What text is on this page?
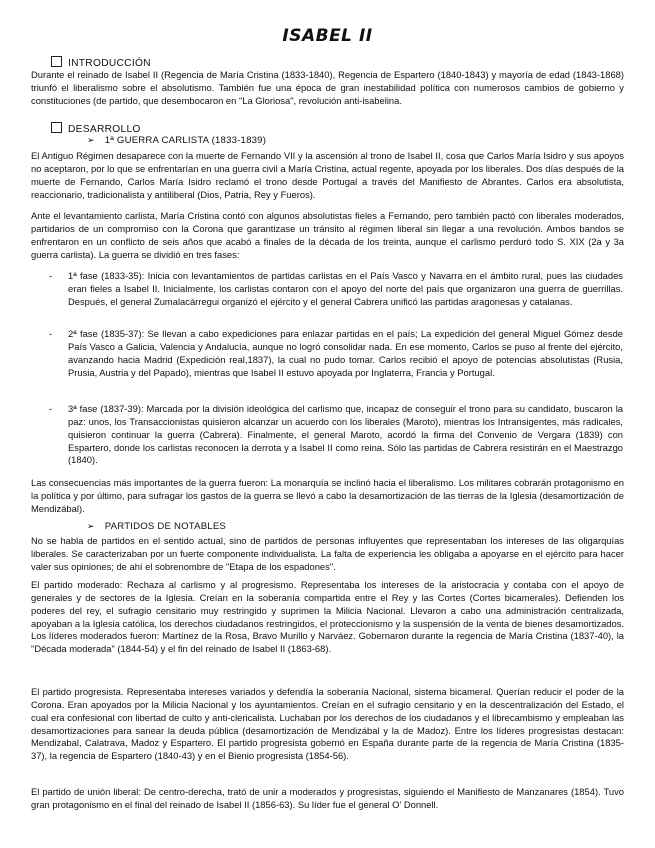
ISABEL II
INTRODUCCIÓN
Durante el reinado de Isabel II (Regencia de María Cristina (1833-1840), Regencia de Espartero (1840-1843) y mayoría de edad (1843-1868) triunfó el liberalismo sobre el absolutismo. También fue una época de gran inestabilidad política con numerosos cambios de gobierno y constituciones (de partido, que desembocaron en "La Gloriosa", revolución anti-isabelina.
DESARROLLO
➢ 1ª GUERRA CARLISTA (1833-1839)
El Antiguo Régimen desaparece con la muerte de Fernando VII y la ascensión al trono de Isabel II, cosa que Carlos María Isidro y sus apoyos no aceptaron, por lo que se enfrentarían en una guerra civil a María Cristina, actual regente, apoyada por los liberales. Dos días después de la muerte de Fernando, Carlos María Isidro reclamó el trono desde Portugal a través del Manifiesto de Abrantes. Carlos era absolutista, reaccionario, tradicionalista y antiliberal (Dios, Patria, Rey y Fueros).
Ante el levantamiento carlista, María Cristina contó con algunos absolutistas fieles a Fernando, pero también pactó con liberales moderados, partidarios de un compromiso con la Corona que garantizase un tránsito al régimen liberal sin llegar a una revolución. Ambos bandos se enfrentaron en un conflicto de seis años que acabó a finales de la década de los treinta, aunque el carlismo perduró todo S. XIX (2a y 3a guerra carlista). La guerra se dividió en tres fases:
- 1ª fase (1833-35): Inicia con levantamientos de partidas carlistas en el País Vasco y Navarra en el ámbito rural, pues las ciudades eran fieles a Isabel II. Inicialmente, los carlistas contaron con el apoyo del norte del país que organizaron una guerra de guerrillas. Después, el general Zumalacárregui organizó el ejército y el general Cabrera unificó las partidas aragonesas y catalanas.
- 2ª fase (1835-37): Se llevan a cabo expediciones para enlazar partidas en el país; La expedición del general Miguel Gómez desde País Vasco a Galicia, Valencia y Andalucía, aunque no logró consolidar nada. En ese momento, Carlos se puso al frente del ejército, avanzando hacia Madrid (Expedición real,1837), la cual no pudo tomar. Carlos recibió el apoyo de potencias absolutistas (Rusia, Prusia, Austria y del Papado), mientras que Isabel II estuvo apoyada por Inglaterra, Francia y Portugal.
- 3ª fase (1837-39): Marcada por la división ideológica del carlismo que, incapaz de conseguir el trono para su candidato, buscaron la paz: unos, los Transaccionistas quisieron alcanzar un acuerdo con los liberales (Maroto), mientras los Intransigentes, más radicales, quisieron continuar la guerra (Cabrera). Finalmente, el general Maroto, acordó la firma del Convenio de Vergara (1839) con Espartero, donde los carlistas reconocen la derrota y a Isabel II como reina. Sólo las partidas de Cabrera resistirán en el Maestrazgo (1840).
Las consecuencias más importantes de la guerra fueron: La monarquía se inclinó hacia el liberalismo. Los militares cobrarán protagonismo en la política y por último, para sufragar los gastos de la guerra se llevó a cabo la desamortización de las tierras de la Iglesia (desamortización de Mendizábal).
➢ PARTIDOS DE NOTABLES
No se habla de partidos en el sentido actual, sino de partidos de personas influyentes que representaban los intereses de las oligarquías liberales. Se caracterizaban por un fuerte componente individualista. La falta de experiencia les obligaba a apoyarse en el ejército para hacer valer sus opiniones; de ahí el sobrenombre de "Etapa de los espadones".
El partido moderado: Rechaza al carlismo y al progresismo. Representaba los intereses de la aristocracia y contaba con el apoyo de generales y de sectores de la Iglesia. Creían en la soberanía compartida entre el Rey y las Cortes (Cortes bicamerales). Defienden los poderes del rey, el sufragio censitario muy restringido y suprimen la Milicia Nacional. Llevaron a cabo una administración centralizada, apoyaban a la Iglesia católica, los derechos ciudadanos restringidos, el proteccionismo y la suspensión de la venta de bienes desamortizados. Los líderes moderados fueron: Martínez de la Rosa, Bravo Murillo y Narváez. Gobernaron durante la regencia de María Cristina (1837-40), la "Década moderada" (1844-54) y el fin del reinado de Isabel II (1863-68).
El partido progresista. Representaba intereses variados y defendía la soberanía Nacional, sistema bicameral. Querían reducir el poder de la Corona. Eran apoyados por la Milicia Nacional y los ayuntamientos. Creían en el sufragio censitario y en la descentralización del Estado, el cual era confesional con libertad de culto y anti-clericalista. Luchaban por los derechos de los ciudadanos y el librecambismo y empleaban las desamortizaciones para sanear la deuda pública (desamortización de Mendizábal y la de Madoz). Entre los líderes progresistas destacan: Mendizabal, Calatrava, Madoz y Espartero. El partido progresista gobernó en España durante parte de la regencia de María Cristina (1835-37), la regencia de Espartero (1840-43) y en el Bienio progresista (1854-56).
El partido de unión liberal: De centro-derecha, trató de unir a moderados y progresistas, siguiendo el Manifiesto de Manzanares (1854). Tuvo gran protagonismo en el final del reinado de Isabel II (1856-63). Su líder fue el general O' Donnell.
